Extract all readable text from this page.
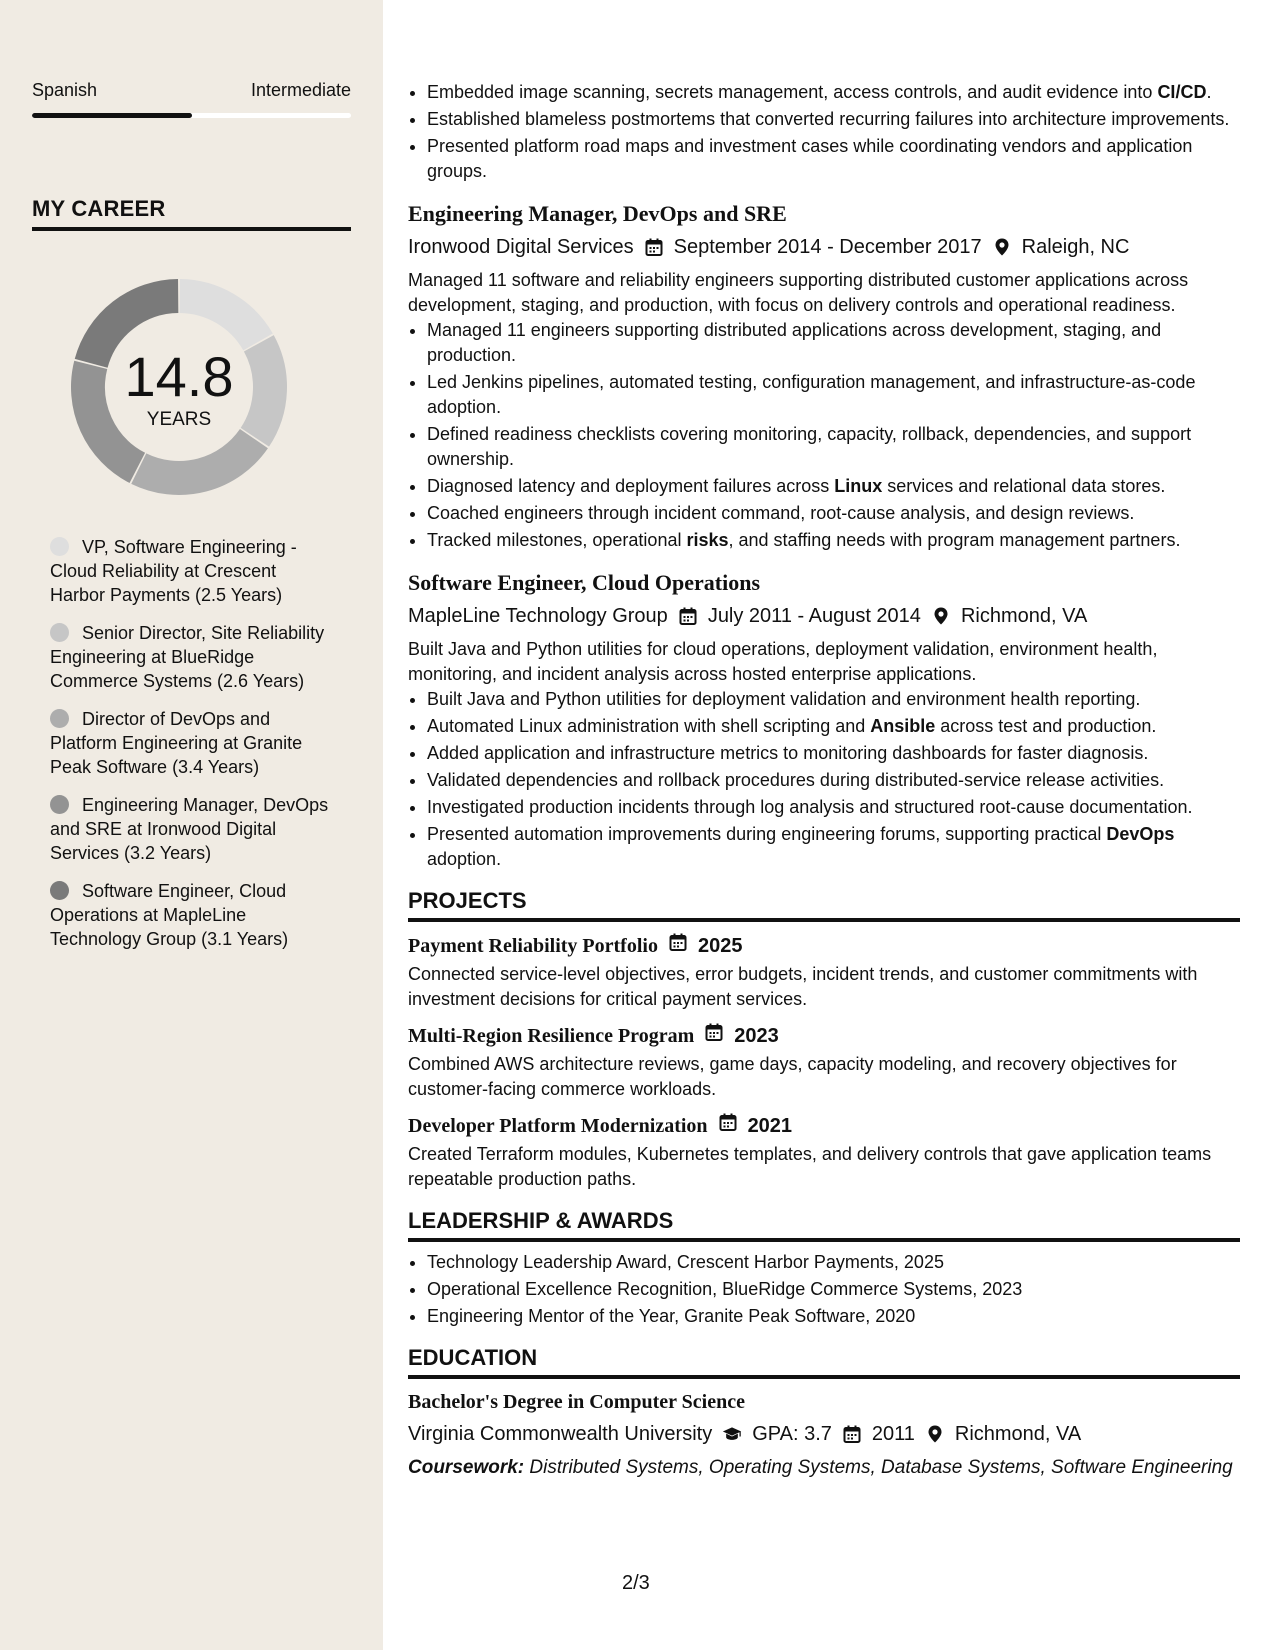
Spanish	Intermediate
MY CAREER
14.8
YEARS
VP, Software Engineering - Cloud Reliability at Crescent Harbor Payments (2.5 Years)
Senior Director, Site Reliability Engineering at BlueRidge Commerce Systems (2.6 Years)
Director of DevOps and Platform Engineering at Granite Peak Software (3.4 Years)
Engineering Manager, DevOps and SRE at Ironwood Digital Services (3.2 Years)
Software Engineer, Cloud Operations at MapleLine Technology Group (3.1 Years)
• Embedded image scanning, secrets management, access controls, and audit evidence into CI/CD.
• Established blameless postmortems that converted recurring failures into architecture improvements.
• Presented platform road maps and investment cases while coordinating vendors and application groups.
Engineering Manager, DevOps and SRE
Ironwood Digital Services September 2014 - December 2017 Raleigh, NC
Managed 11 software and reliability engineers supporting distributed customer applications across development, staging, and production, with focus on delivery controls and operational readiness.
• Managed 11 engineers supporting distributed applications across development, staging, and production.
• Led Jenkins pipelines, automated testing, configuration management, and infrastructure-as-code adoption.
• Defined readiness checklists covering monitoring, capacity, rollback, dependencies, and support ownership.
• Diagnosed latency and deployment failures across Linux services and relational data stores.
• Coached engineers through incident command, root-cause analysis, and design reviews.
• Tracked milestones, operational risks, and staffing needs with program management partners.
Software Engineer, Cloud Operations
MapleLine Technology Group July 2011 - August 2014 Richmond, VA
Built Java and Python utilities for cloud operations, deployment validation, environment health, monitoring, and incident analysis across hosted enterprise applications.
• Built Java and Python utilities for deployment validation and environment health reporting.
• Automated Linux administration with shell scripting and Ansible across test and production.
• Added application and infrastructure metrics to monitoring dashboards for faster diagnosis.
• Validated dependencies and rollback procedures during distributed-service release activities.
• Investigated production incidents through log analysis and structured root-cause documentation.
• Presented automation improvements during engineering forums, supporting practical DevOps adoption.
PROJECTS
Payment Reliability Portfolio 2025
Connected service-level objectives, error budgets, incident trends, and customer commitments with investment decisions for critical payment services.
Multi-Region Resilience Program 2023
Combined AWS architecture reviews, game days, capacity modeling, and recovery objectives for customer-facing commerce workloads.
Developer Platform Modernization 2021
Created Terraform modules, Kubernetes templates, and delivery controls that gave application teams repeatable production paths.
LEADERSHIP & AWARDS
• Technology Leadership Award, Crescent Harbor Payments, 2025
• Operational Excellence Recognition, BlueRidge Commerce Systems, 2023
• Engineering Mentor of the Year, Granite Peak Software, 2020
EDUCATION
Bachelor's Degree in Computer Science
Virginia Commonwealth University GPA: 3.7 2011 Richmond, VA
Coursework: Distributed Systems, Operating Systems, Database Systems, Software Engineering
2/3
